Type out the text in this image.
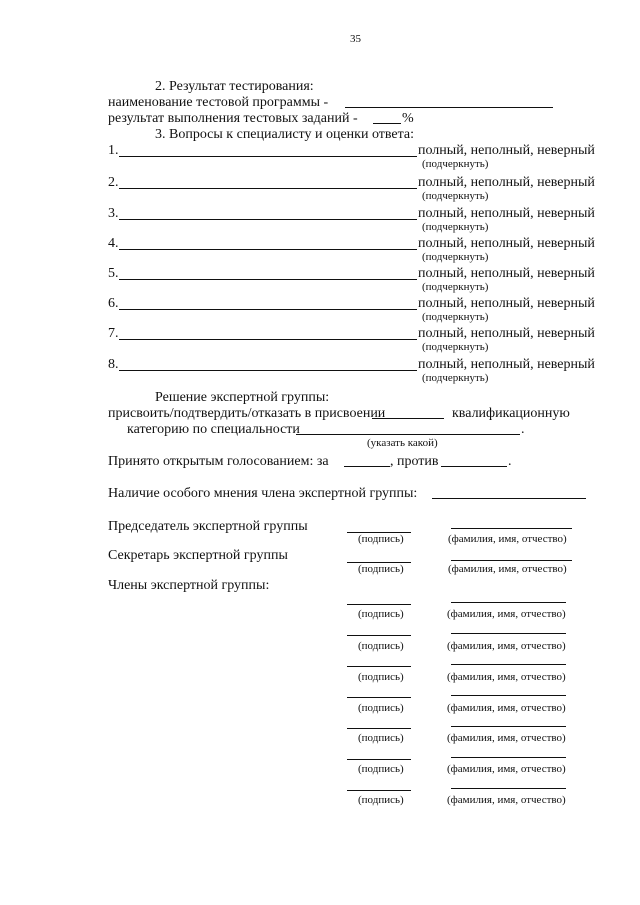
35
2. Результат тестирования:
наименование тестовой программы -
результат выполнения тестовых заданий -	%
3. Вопросы к специалисту и оценки ответа:
1.	полный, неполный, неверный
(подчеркнуть)
2.	полный, неполный, неверный
(подчеркнуть)
3.	полный, неполный, неверный
(подчеркнуть)
4.	полный, неполный, неверный
(подчеркнуть)
5.	полный, неполный, неверный
(подчеркнуть)
6.	полный, неполный, неверный
(подчеркнуть)
7.	полный, неполный, неверный
(подчеркнуть)
8.	полный, неполный, неверный
(подчеркнуть)
Решение экспертной группы:
присвоить/подтвердить/отказать в присвоении	квалификационную
категорию по специальности	.
(указать какой)
Принято открытым голосованием: за	, против	.
Наличие особого мнения члена экспертной группы:
Председатель экспертной группы
(подпись)	(фамилия, имя, отчество)
Секретарь экспертной группы
(подпись)	(фамилия, имя, отчество)
Члены экспертной группы:
(подпись)	(фамилия, имя, отчество)
(подпись)	(фамилия, имя, отчество)
(подпись)	(фамилия, имя, отчество)
(подпись)	(фамилия, имя, отчество)
(подпись)	(фамилия, имя, отчество)
(подпись)	(фамилия, имя, отчество)
(подпись)	(фамилия, имя, отчество)
